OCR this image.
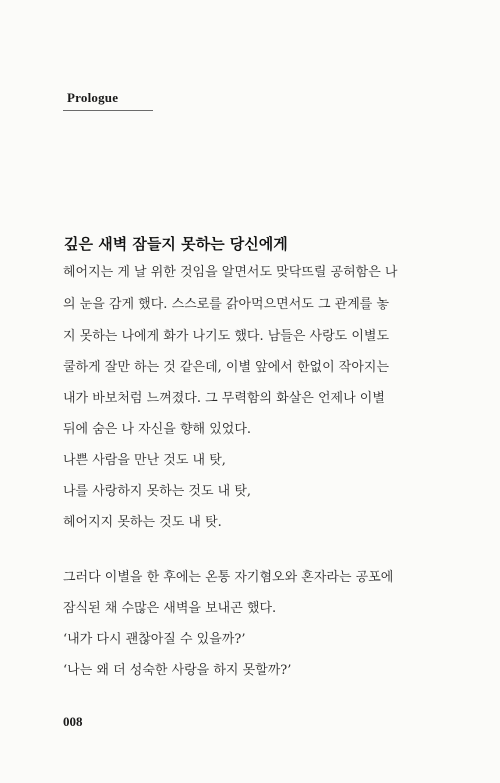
Prologue
깊은 새벽 잠들지 못하는 당신에게
헤어지는 게 날 위한 것임을 알면서도 맞닥뜨릴 공허함은 나
의 눈을 감게 했다. 스스로를 갉아먹으면서도 그 관계를 놓
지 못하는 나에게 화가 나기도 했다. 남들은 사랑도 이별도
쿨하게 잘만 하는 것 같은데, 이별 앞에서 한없이 작아지는
내가 바보처럼 느껴졌다. 그 무력함의 화살은 언제나 이별
뒤에 숨은 나 자신을 향해 있었다.
나쁜 사람을 만난 것도 내 탓,
나를 사랑하지 못하는 것도 내 탓,
헤어지지 못하는 것도 내 탓.
그러다 이별을 한 후에는 온통 자기혐오와 혼자라는 공포에
잠식된 채 수많은 새벽을 보내곤 했다.
‘내가 다시 괜찮아질 수 있을까?’
‘나는 왜 더 성숙한 사랑을 하지 못할까?’
008
